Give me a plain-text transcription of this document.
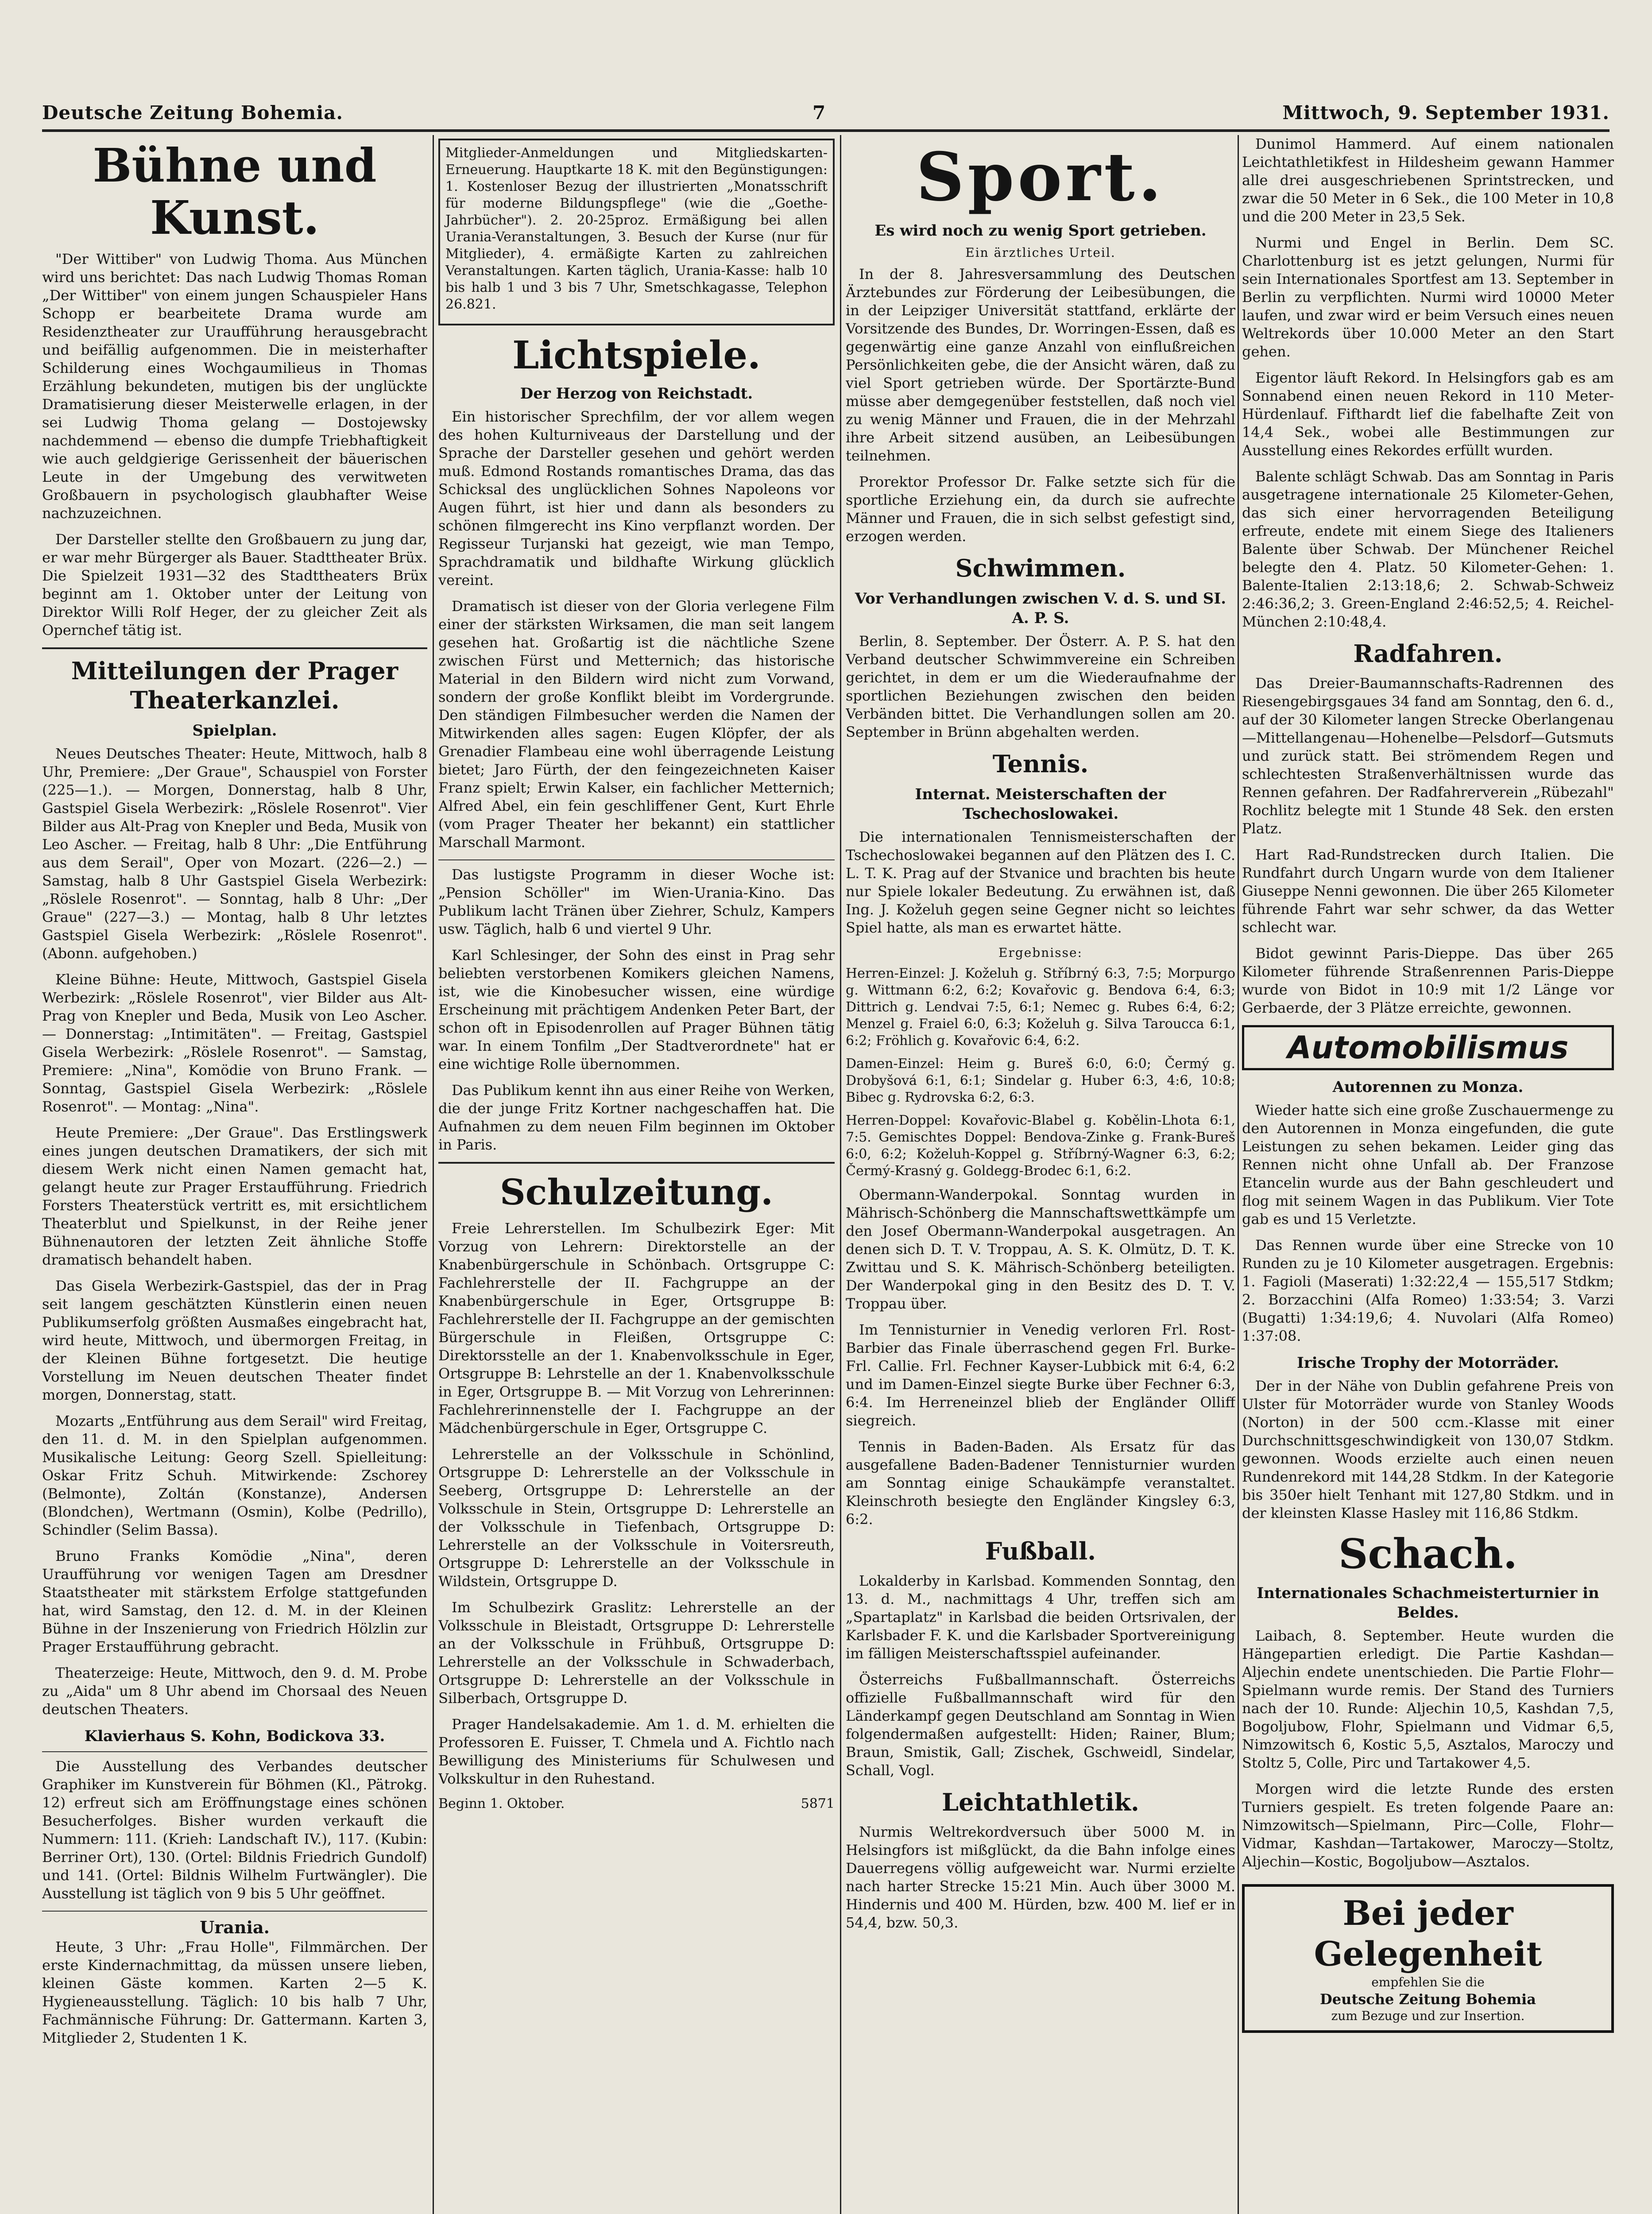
Deutsche Zeitung Bohemia.	7	Mittwoch, 9. September 1931.
Bühne und Kunst.

"Der Wittiber" von Ludwig Thoma. Aus München wird uns berichtet: Das nach Ludwig Thomas Roman „Der Wittiber" von einem jungen Schauspieler Hans Schopp er bearbeitete Drama wurde am Residenztheater zur Uraufführung herausgebracht und beifällig aufgenommen. Die in meisterhafter Schilderung eines Wochgaumilieus in Thomas Erzählung bekundeten, mutigen bis der unglückte Dramatisierung dieser Meisterwelle erlagen, in der sei Ludwig Thoma gelang — Dostojewsky nachdemmend — ebenso die dumpfe Triebhaftigkeit wie auch geldgierige Gerissenheit der bäuerischen Leute in der Umgebung des verwitweten Großbauern in psychologisch glaubhafter Weise nachzuzeichnen.

Der Darsteller stellte den Großbauern zu jung dar, er war mehr Bürgerger als Bauer. Stadttheater Brüx. Die Spielzeit 1931—32 des Stadttheaters Brüx beginnt am 1. Oktober unter der Leitung von Direktor Willi Rolf Heger, der zu gleicher Zeit als Opernchef tätig ist.

Mitteilungen der Prager Theaterkanzlei.
Spielplan.

Neues Deutsches Theater: Heute, Mittwoch, halb 8 Uhr, Premiere: „Der Graue", Schauspiel von Forster (225—1.). — Morgen, Donnerstag, halb 8 Uhr, Gastspiel Gisela Werbezirk: „Röslele Rosenrot". Vier Bilder aus Alt-Prag von Knepler und Beda, Musik von Leo Ascher. — Freitag, halb 8 Uhr: „Die Entführung aus dem Serail", Oper von Mozart. (226—2.) — Samstag, halb 8 Uhr Gastspiel Gisela Werbezirk: „Röslele Rosenrot". — Sonntag, halb 8 Uhr: „Der Graue" (227—3.) — Montag, halb 8 Uhr letztes Gastspiel Gisela Werbezirk: „Röslele Rosenrot". (Abonn. aufgehoben.)

Kleine Bühne: Heute, Mittwoch, Gastspiel Gisela Werbezirk: „Röslele Rosenrot", vier Bilder aus Alt-Prag von Knepler und Beda, Musik von Leo Ascher. — Donnerstag: „Intimitäten". — Freitag, Gastspiel Gisela Werbezirk: „Röslele Rosenrot". — Samstag, Premiere: „Nina", Komödie von Bruno Frank. — Sonntag, Gastspiel Gisela Werbezirk: „Röslele Rosenrot". — Montag: „Nina".

Heute Premiere: „Der Graue". Das Erstlingswerk eines jungen deutschen Dramatikers, der sich mit diesem Werk nicht einen Namen gemacht hat, gelangt heute zur Prager Erstaufführung. Friedrich Forsters Theaterstück vertritt es, mit ersichtlichem Theaterblut und Spielkunst, in der Reihe jener Bühnenautoren der letzten Zeit ähnliche Stoffe dramatisch behandelt haben.

Das Gisela Werbezirk-Gastspiel, das der in Prag seit langem geschätzten Künstlerin einen neuen Publikumserfolg größten Ausmaßes eingebracht hat, wird heute, Mittwoch, und übermorgen Freitag, in der Kleinen Bühne fortgesetzt. Die heutige Vorstellung im Neuen deutschen Theater findet morgen, Donnerstag, statt.

Mozarts „Entführung aus dem Serail" wird Freitag, den 11. d. M. in den Spielplan aufgenommen. Musikalische Leitung: Georg Szell. Spielleitung: Oskar Fritz Schuh. Mitwirkende: Zschorey (Belmonte), Zoltán (Konstanze), Andersen (Blondchen), Wertmann (Osmin), Kolbe (Pedrillo), Schindler (Selim Bassa).

Bruno Franks Komödie „Nina", deren Uraufführung vor wenigen Tagen am Dresdner Staatstheater mit stärkstem Erfolge stattgefunden hat, wird Samstag, den 12. d. M. in der Kleinen Bühne in der Inszenierung von Friedrich Hölzlin zur Prager Erstaufführung gebracht.

Theaterzeige: Heute, Mittwoch, den 9. d. M. Probe zu „Aida" um 8 Uhr abend im Chorsaal des Neuen deutschen Theaters.

Klavierhaus S. Kohn, Bodickova 33.

Die Ausstellung des Verbandes deutscher Graphiker im Kunstverein für Böhmen (Kl., Pätrokg. 12) erfreut sich am Eröffnungstage eines schönen Besucherfolges. Bisher wurden verkauft die Nummern: 111. (Krieh: Landschaft IV.), 117. (Kubin: Berriner Ort), 130. (Ortel: Bildnis Friedrich Gundolf) und 141. (Ortel: Bildnis Wilhelm Furtwängler). Die Ausstellung ist täglich von 9 bis 5 Uhr geöffnet.

Urania.

Heute, 3 Uhr: „Frau Holle", Filmmärchen. Der erste Kindernachmittag, da müssen unsere lieben, kleinen Gäste kommen. Karten 2—5 K. Hygieneausstellung. Täglich: 10 bis halb 7 Uhr, Fachmännische Führung: Dr. Gattermann. Karten 3, Mitglieder 2, Studenten 1 K.

Mitglieder-Anmeldungen und Mitgliedskarten-Erneuerung. Hauptkarte 18 K. mit den Begünstigungen: 1. Kostenloser Bezug der illustrierten „Monatsschrift für moderne Bildungspflege" (wie die „Goethe-Jahrbücher"). 2. 20-25proz. Ermäßigung bei allen Urania-Veranstaltungen, 3. Besuch der Kurse (nur für Mitglieder), 4. ermäßigte Karten zu zahlreichen Veranstaltungen. Karten täglich, Urania-Kasse: halb 10 bis halb 1 und 3 bis 7 Uhr, Smetschkagasse, Telephon 26.821.

Lichtspiele.
Der Herzog von Reichstadt.

Ein historischer Sprechfilm, der vor allem wegen des hohen Kulturniveaus der Darstellung und der Sprache der Darsteller gesehen und gehört werden muß. Edmond Rostands romantisches Drama, das das Schicksal des unglücklichen Sohnes Napoleons vor Augen führt, ist hier und dann als besonders zu schönen filmgerecht ins Kino verpflanzt worden. Der Regisseur Turjanski hat gezeigt, wie man Tempo, Sprachdramatik und bildhafte Wirkung glücklich vereint.

Dramatisch ist dieser von der Gloria verlegene Film einer der stärksten Wirksamen, die man seit langem gesehen hat. Großartig ist die nächtliche Szene zwischen Fürst und Metternich; das historische Material in den Bildern wird nicht zum Vorwand, sondern der große Konflikt bleibt im Vordergrunde. Den ständigen Filmbesucher werden die Namen der Mitwirkenden alles sagen: Eugen Klöpfer, der als Grenadier Flambeau eine wohl überragende Leistung bietet; Jaro Fürth, der den feingezeichneten Kaiser Franz spielt; Erwin Kalser, ein fachlicher Metternich; Alfred Abel, ein fein geschliffener Gent, Kurt Ehrle (vom Prager Theater her bekannt) ein stattlicher Marschall Marmont.

Das lustigste Programm in dieser Woche ist: „Pension Schöller" im Wien-Urania-Kino. Das Publikum lacht Tränen über Ziehrer, Schulz, Kampers usw. Täglich, halb 6 und viertel 9 Uhr.

Karl Schlesinger, der Sohn des einst in Prag sehr beliebten verstorbenen Komikers gleichen Namens, ist, wie die Kinobesucher wissen, eine würdige Erscheinung mit prächtigem Andenken Peter Bart, der schon oft in Episodenrollen auf Prager Bühnen tätig war. In einem Tonfilm „Der Stadtverordnete" hat er eine wichtige Rolle übernommen.

Das Publikum kennt ihn aus einer Reihe von Werken, die der junge Fritz Kortner nachgeschaffen hat. Die Aufnahmen zu dem neuen Film beginnen im Oktober in Paris.

Schulzeitung.

Freie Lehrerstellen. Im Schulbezirk Eger: Mit Vorzug von Lehrern: Direktorstelle an der Knabenbürgerschule in Schönbach. Ortsgruppe C: Fachlehrerstelle der II. Fachgruppe an der Knabenbürgerschule in Eger, Ortsgruppe B: Fachlehrerstelle der II. Fachgruppe an der gemischten Bürgerschule in Fleißen, Ortsgruppe C: Direktorsstelle an der 1. Knabenvolksschule in Eger, Ortsgruppe B: Lehrstelle an der 1. Knabenvolksschule in Eger, Ortsgruppe B. — Mit Vorzug von Lehrerinnen: Fachlehrerinnenstelle der I. Fachgruppe an der Mädchenbürgerschule in Eger, Ortsgruppe C.

Lehrerstelle an der Volksschule in Schönlind, Ortsgruppe D: Lehrerstelle an der Volksschule in Seeberg, Ortsgruppe D: Lehrerstelle an der Volksschule in Stein, Ortsgruppe D: Lehrerstelle an der Volksschule in Tiefenbach, Ortsgruppe D: Lehrerstelle an der Volksschule in Voitersreuth, Ortsgruppe D: Lehrerstelle an der Volksschule in Wildstein, Ortsgruppe D.

Im Schulbezirk Graslitz: Lehrerstelle an der Volksschule in Bleistadt, Ortsgruppe D: Lehrerstelle an der Volksschule in Frühbuß, Ortsgruppe D: Lehrerstelle an der Volksschule in Schwaderbach, Ortsgruppe D: Lehrerstelle an der Volksschule in Silberbach, Ortsgruppe D.

Prager Handelsakademie. Am 1. d. M. erhielten die Professoren E. Fuisser, T. Chmela und A. Fichtlo nach Bewilligung des Ministeriums für Schulwesen und Volkskultur in den Ruhestand.

Beginn 1. Oktober.	5871
Sport.
Es wird noch zu wenig Sport getrieben.
Ein ärztliches Urteil.

In der 8. Jahresversammlung des Deutschen Ärztebundes zur Förderung der Leibesübungen, die in der Leipziger Universität stattfand, erklärte der Vorsitzende des Bundes, Dr. Worringen-Essen, daß es gegenwärtig eine ganze Anzahl von einflußreichen Persönlichkeiten gebe, die der Ansicht wären, daß zu viel Sport getrieben würde. Der Sportärzte-Bund müsse aber demgegenüber feststellen, daß noch viel zu wenig Männer und Frauen, die in der Mehrzahl ihre Arbeit sitzend ausüben, an Leibesübungen teilnehmen.

Prorektor Professor Dr. Falke setzte sich für die sportliche Erziehung ein, da durch sie aufrechte Männer und Frauen, die in sich selbst gefestigt sind, erzogen werden.

Schwimmen.
Vor Verhandlungen zwischen V. d. S. und SI. A. P. S.

Berlin, 8. September. Der Österr. A. P. S. hat den Verband deutscher Schwimmvereine ein Schreiben gerichtet, in dem er um die Wiederaufnahme der sportlichen Beziehungen zwischen den beiden Verbänden bittet. Die Verhandlungen sollen am 20. September in Brünn abgehalten werden.

Tennis.
Internat. Meisterschaften der Tschechoslowakei.

Die internationalen Tennismeisterschaften der Tschechoslowakei begannen auf den Plätzen des I. C. L. T. K. Prag auf der Stvanice und brachten bis heute nur Spiele lokaler Bedeutung. Zu erwähnen ist, daß Ing. J. Koželuh gegen seine Gegner nicht so leichtes Spiel hatte, als man es erwartet hätte.

Ergebnisse:

Herren-Einzel: J. Koželuh g. Stříbrný 6:3, 7:5; Morpurgo g. Wittmann 6:2, 6:2; Kovařovic g. Bendova 6:4, 6:3; Dittrich g. Lendvai 7:5, 6:1; Nemec g. Rubes 6:4, 6:2; Menzel g. Fraiel 6:0, 6:3; Koželuh g. Silva Taroucca 6:1, 6:2; Fröhlich g. Kovařovic 6:4, 6:2.

Damen-Einzel: Heim g. Bureš 6:0, 6:0; Čermý g. Drobyšová 6:1, 6:1; Sindelar g. Huber 6:3, 4:6, 10:8; Bibec g. Rydrovska 6:2, 6:3.

Herren-Doppel: Kovařovic-Blabel g. Kobělin-Lhota 6:1, 7:5. Gemischtes Doppel: Bendova-Zinke g. Frank-Bureš 6:0, 6:2; Koželuh-Koppel g. Stříbrný-Wagner 6:3, 6:2; Čermý-Krasný g. Goldegg-Brodec 6:1, 6:2.

Obermann-Wanderpokal. Sonntag wurden in Mährisch-Schönberg die Mannschaftswettkämpfe um den Josef Obermann-Wanderpokal ausgetragen. An denen sich D. T. V. Troppau, A. S. K. Olmütz, D. T. K. Zwittau und S. K. Mährisch-Schönberg beteiligten. Der Wanderpokal ging in den Besitz des D. T. V. Troppau über.

Im Tennisturnier in Venedig verloren Frl. Rost-Barbier das Finale überraschend gegen Frl. Burke-Frl. Callie. Frl. Fechner Kayser-Lubbick mit 6:4, 6:2 und im Damen-Einzel siegte Burke über Fechner 6:3, 6:4. Im Herreneinzel blieb der Engländer Olliff siegreich.

Tennis in Baden-Baden. Als Ersatz für das ausgefallene Baden-Badener Tennisturnier wurden am Sonntag einige Schaukämpfe veranstaltet. Kleinschroth besiegte den Engländer Kingsley 6:3, 6:2.

Fußball.

Lokalderby in Karlsbad. Kommenden Sonntag, den 13. d. M., nachmittags 4 Uhr, treffen sich am „Spartaplatz" in Karlsbad die beiden Ortsrivalen, der Karlsbader F. K. und die Karlsbader Sportvereinigung im fälligen Meisterschaftsspiel aufeinander.

Österreichs Fußballmannschaft. Österreichs offizielle Fußballmannschaft wird für den Länderkampf gegen Deutschland am Sonntag in Wien folgendermaßen aufgestellt: Hiden; Rainer, Blum; Braun, Smistik, Gall; Zischek, Gschweidl, Sindelar, Schall, Vogl.

Leichtathletik.

Nurmis Weltrekordversuch über 5000 M. in Helsingfors ist mißglückt, da die Bahn infolge eines Dauerregens völlig aufgeweicht war. Nurmi erzielte nach harter Strecke 15:21 Min. Auch über 3000 M. Hindernis und 400 M. Hürden, bzw. 400 M. lief er in 54,4, bzw. 50,3.

Dunimol Hammerd. Auf einem nationalen Leichtathletikfest in Hildesheim gewann Hammer alle drei ausgeschriebenen Sprintstrecken, und zwar die 50 Meter in 6 Sek., die 100 Meter in 10,8 und die 200 Meter in 23,5 Sek.

Nurmi und Engel in Berlin. Dem SC. Charlottenburg ist es jetzt gelungen, Nurmi für sein Internationales Sportfest am 13. September in Berlin zu verpflichten. Nurmi wird 10000 Meter laufen, und zwar wird er beim Versuch eines neuen Weltrekords über 10.000 Meter an den Start gehen.

Eigentor läuft Rekord. In Helsingfors gab es am Sonnabend einen neuen Rekord in 110 Meter-Hürdenlauf. Fifthardt lief die fabelhafte Zeit von 14,4 Sek., wobei alle Bestimmungen zur Ausstellung eines Rekordes erfüllt wurden.

Balente schlägt Schwab. Das am Sonntag in Paris ausgetragene internationale 25 Kilometer-Gehen, das sich einer hervorragenden Beteiligung erfreute, endete mit einem Siege des Italieners Balente über Schwab. Der Münchener Reichel belegte den 4. Platz. 50 Kilometer-Gehen: 1. Balente-Italien 2:13:18,6; 2. Schwab-Schweiz 2:46:36,2; 3. Green-England 2:46:52,5; 4. Reichel-München 2:10:48,4.

Radfahren.

Das Dreier-Baumannschafts-Radrennen des Riesengebirgsgaues 34 fand am Sonntag, den 6. d., auf der 30 Kilometer langen Strecke Oberlangenau—Mittellangenau—Hohenelbe—Pelsdorf—Gutsmuts und zurück statt. Bei strömendem Regen und schlechtesten Straßenverhältnissen wurde das Rennen gefahren. Der Radfahrerverein „Rübezahl" Rochlitz belegte mit 1 Stunde 48 Sek. den ersten Platz.

Hart Rad-Rundstrecken durch Italien. Die Rundfahrt durch Ungarn wurde von dem Italiener Giuseppe Nenni gewonnen. Die über 265 Kilometer führende Fahrt war sehr schwer, da das Wetter schlecht war.

Bidot gewinnt Paris-Dieppe. Das über 265 Kilometer führende Straßenrennen Paris-Dieppe wurde von Bidot in 10:9 mit 1/2 Länge vor Gerbaerde, der 3 Plätze erreichte, gewonnen.

Automobilismus
Autorennen zu Monza.

Wieder hatte sich eine große Zuschauermenge zu den Autorennen in Monza eingefunden, die gute Leistungen zu sehen bekamen. Leider ging das Rennen nicht ohne Unfall ab. Der Franzose Etancelin wurde aus der Bahn geschleudert und flog mit seinem Wagen in das Publikum. Vier Tote gab es und 15 Verletzte.

Das Rennen wurde über eine Strecke von 10 Runden zu je 10 Kilometer ausgetragen. Ergebnis: 1. Fagioli (Maserati) 1:32:22,4 — 155,517 Stdkm; 2. Borzacchini (Alfa Romeo) 1:33:54; 3. Varzi (Bugatti) 1:34:19,6; 4. Nuvolari (Alfa Romeo) 1:37:08.

Irische Trophy der Motorräder.

Der in der Nähe von Dublin gefahrene Preis von Ulster für Motorräder wurde von Stanley Woods (Norton) in der 500 ccm.-Klasse mit einer Durchschnittsgeschwindigkeit von 130,07 Stdkm. gewonnen. Woods erzielte auch einen neuen Rundenrekord mit 144,28 Stdkm. In der Kategorie bis 350er hielt Tenhant mit 127,80 Stdkm. und in der kleinsten Klasse Hasley mit 116,86 Stdkm.

Schach.
Internationales Schachmeisterturnier in Beldes.

Laibach, 8. September. Heute wurden die Hängepartien erledigt. Die Partie Kashdan—Aljechin endete unentschieden. Die Partie Flohr—Spielmann wurde remis. Der Stand des Turniers nach der 10. Runde: Aljechin 10,5, Kashdan 7,5, Bogoljubow, Flohr, Spielmann und Vidmar 6,5, Nimzowitsch 6, Kostic 5,5, Asztalos, Maroczy und Stoltz 5, Colle, Pirc und Tartakower 4,5.

Morgen wird die letzte Runde des ersten Turniers gespielt. Es treten folgende Paare an: Nimzowitsch—Spielmann, Pirc—Colle, Flohr—Vidmar, Kashdan—Tartakower, Maroczy—Stoltz, Aljechin—Kostic, Bogoljubow—Asztalos.

Bei jeder Gelegenheit
empfehlen Sie die
Deutsche Zeitung Bohemia
zum Bezuge und zur Insertion.
